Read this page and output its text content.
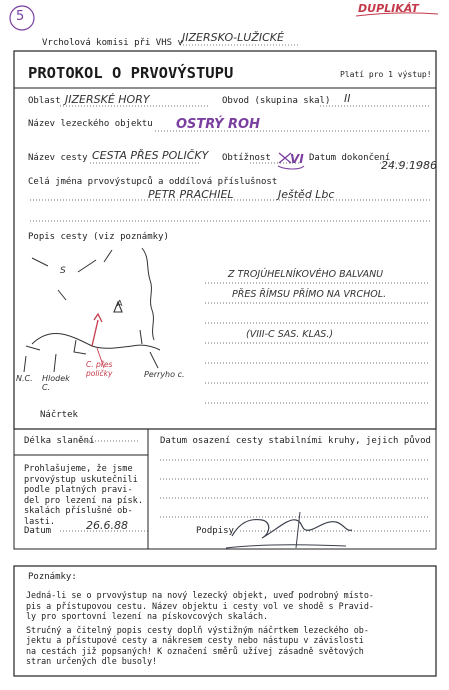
5
DUPLIKÁT
Vrcholová komisi při VHS v JIZERSKO-LUŽICKÉ
PROTOKOL O PRVOVÝSTUPU	Platí pro 1 výstup!
Oblast JIZERSKÉ HORY	Obvod (skupina skal) II
Název lezeckého objektu OSTRÝ ROH
Název cesty CESTA PŘES POLIČKY Obtížnost VI Datum dokončení
24.9.1986
Celá jména prvovýstupců a oddílová příslušnost
PETR PRACHIEL	Ještěd Lbc
Popis cesty (viz poznámky)
Z TROJÚHELNÍKOVÉHO BALVANU
PŘES ŘÍMSU PŘÍMO NA VRCHOL.
(VIII-C SAS. KLAS.)
S
A
N.C. Hlodek C.
C. přes poličky	Perryho c.
Náčrtek
Délka slanění	Datum osazení cesty stabilními kruhy, jejich původ
Prohlašujeme, že jsme
prvovýstup uskutečnili
podle platných pravi-
del pro lezení na písk.
skalách příslušné ob-
lasti.
Datum	26.6.88	Podpisy
Poznámky:
Jedná-li se o prvovýstup na nový lezecký objekt, uveď podrobný místo-
pis a přístupovou cestu. Název objektu i cesty vol ve shodě s Pravid-
ly pro sportovní lezení na pískovcových skalách.
Stručný a čitelný popis cesty doplň výstižným náčrtkem lezeckého ob-
jektu a přístupové cesty a nákresem cesty nebo nástupu v závislosti
na cestách již popsaných! K označení směrů užívej zásadně světových
stran určených dle busoly!
